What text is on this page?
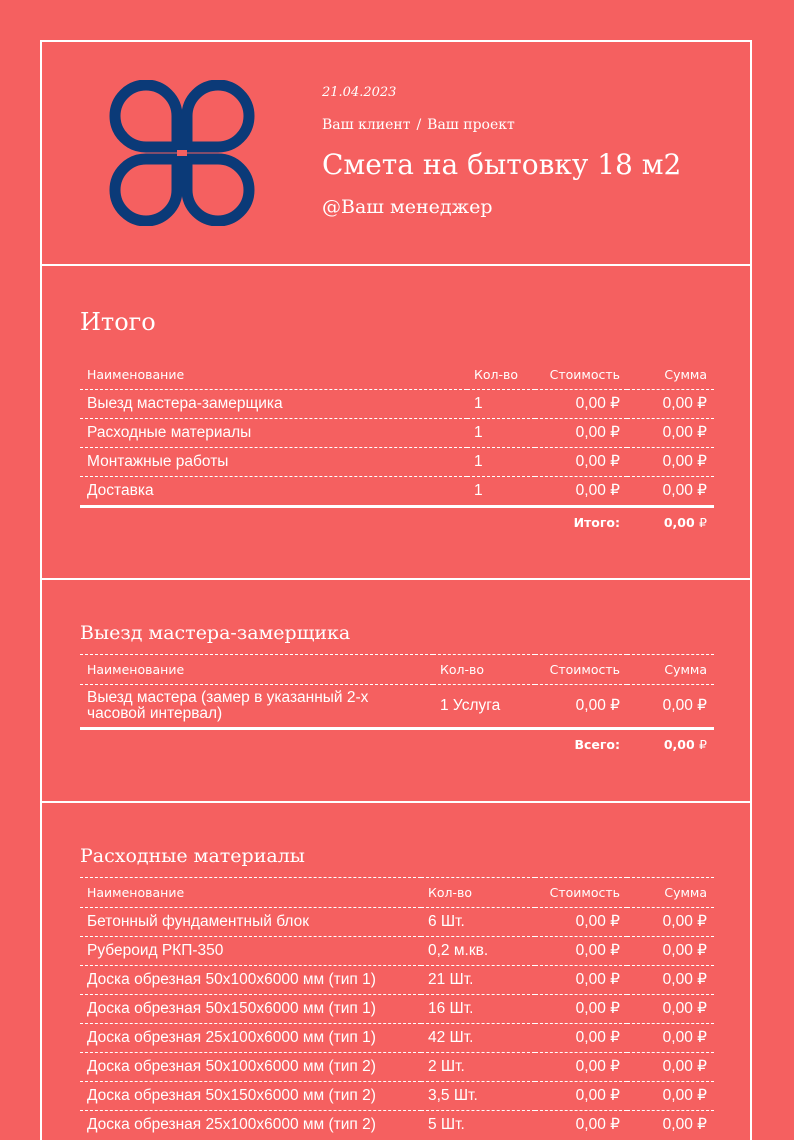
21.04.2023
Ваш клиент / Ваш проект
Смета на бытовку 18 м2
@Ваш менеджер
Итого
Наименование	Кол-во	Стоимость	Сумма
Выезд мастера-замерщика	1	0,00 ₽	0,00 ₽
Расходные материалы	1	0,00 ₽	0,00 ₽
Монтажные работы	1	0,00 ₽	0,00 ₽
Доставка	1	0,00 ₽	0,00 ₽
		Итого:	0,00 ₽
Выезд мастера-замерщика
Наименование	Кол-во	Стоимость	Сумма
Выезд мастера (замер в указанный 2-х часовой интервал)	1 Услуга	0,00 ₽	0,00 ₽
		Всего:	0,00 ₽
Расходные материалы
Наименование	Кол-во	Стоимость	Сумма
Бетонный фундаментный блок	6 Шт.	0,00 ₽	0,00 ₽
Рубероид РКП-350	0,2 м.кв.	0,00 ₽	0,00 ₽
Доска обрезная 50x100x6000 мм (тип 1)	21 Шт.	0,00 ₽	0,00 ₽
Доска обрезная 50x150x6000 мм (тип 1)	16 Шт.	0,00 ₽	0,00 ₽
Доска обрезная 25x100x6000 мм (тип 1)	42 Шт.	0,00 ₽	0,00 ₽
Доска обрезная 50x100x6000 мм (тип 2)	2 Шт.	0,00 ₽	0,00 ₽
Доска обрезная 50x150x6000 мм (тип 2)	3,5 Шт.	0,00 ₽	0,00 ₽
Доска обрезная 25x100x6000 мм (тип 2)	5 Шт.	0,00 ₽	0,00 ₽
